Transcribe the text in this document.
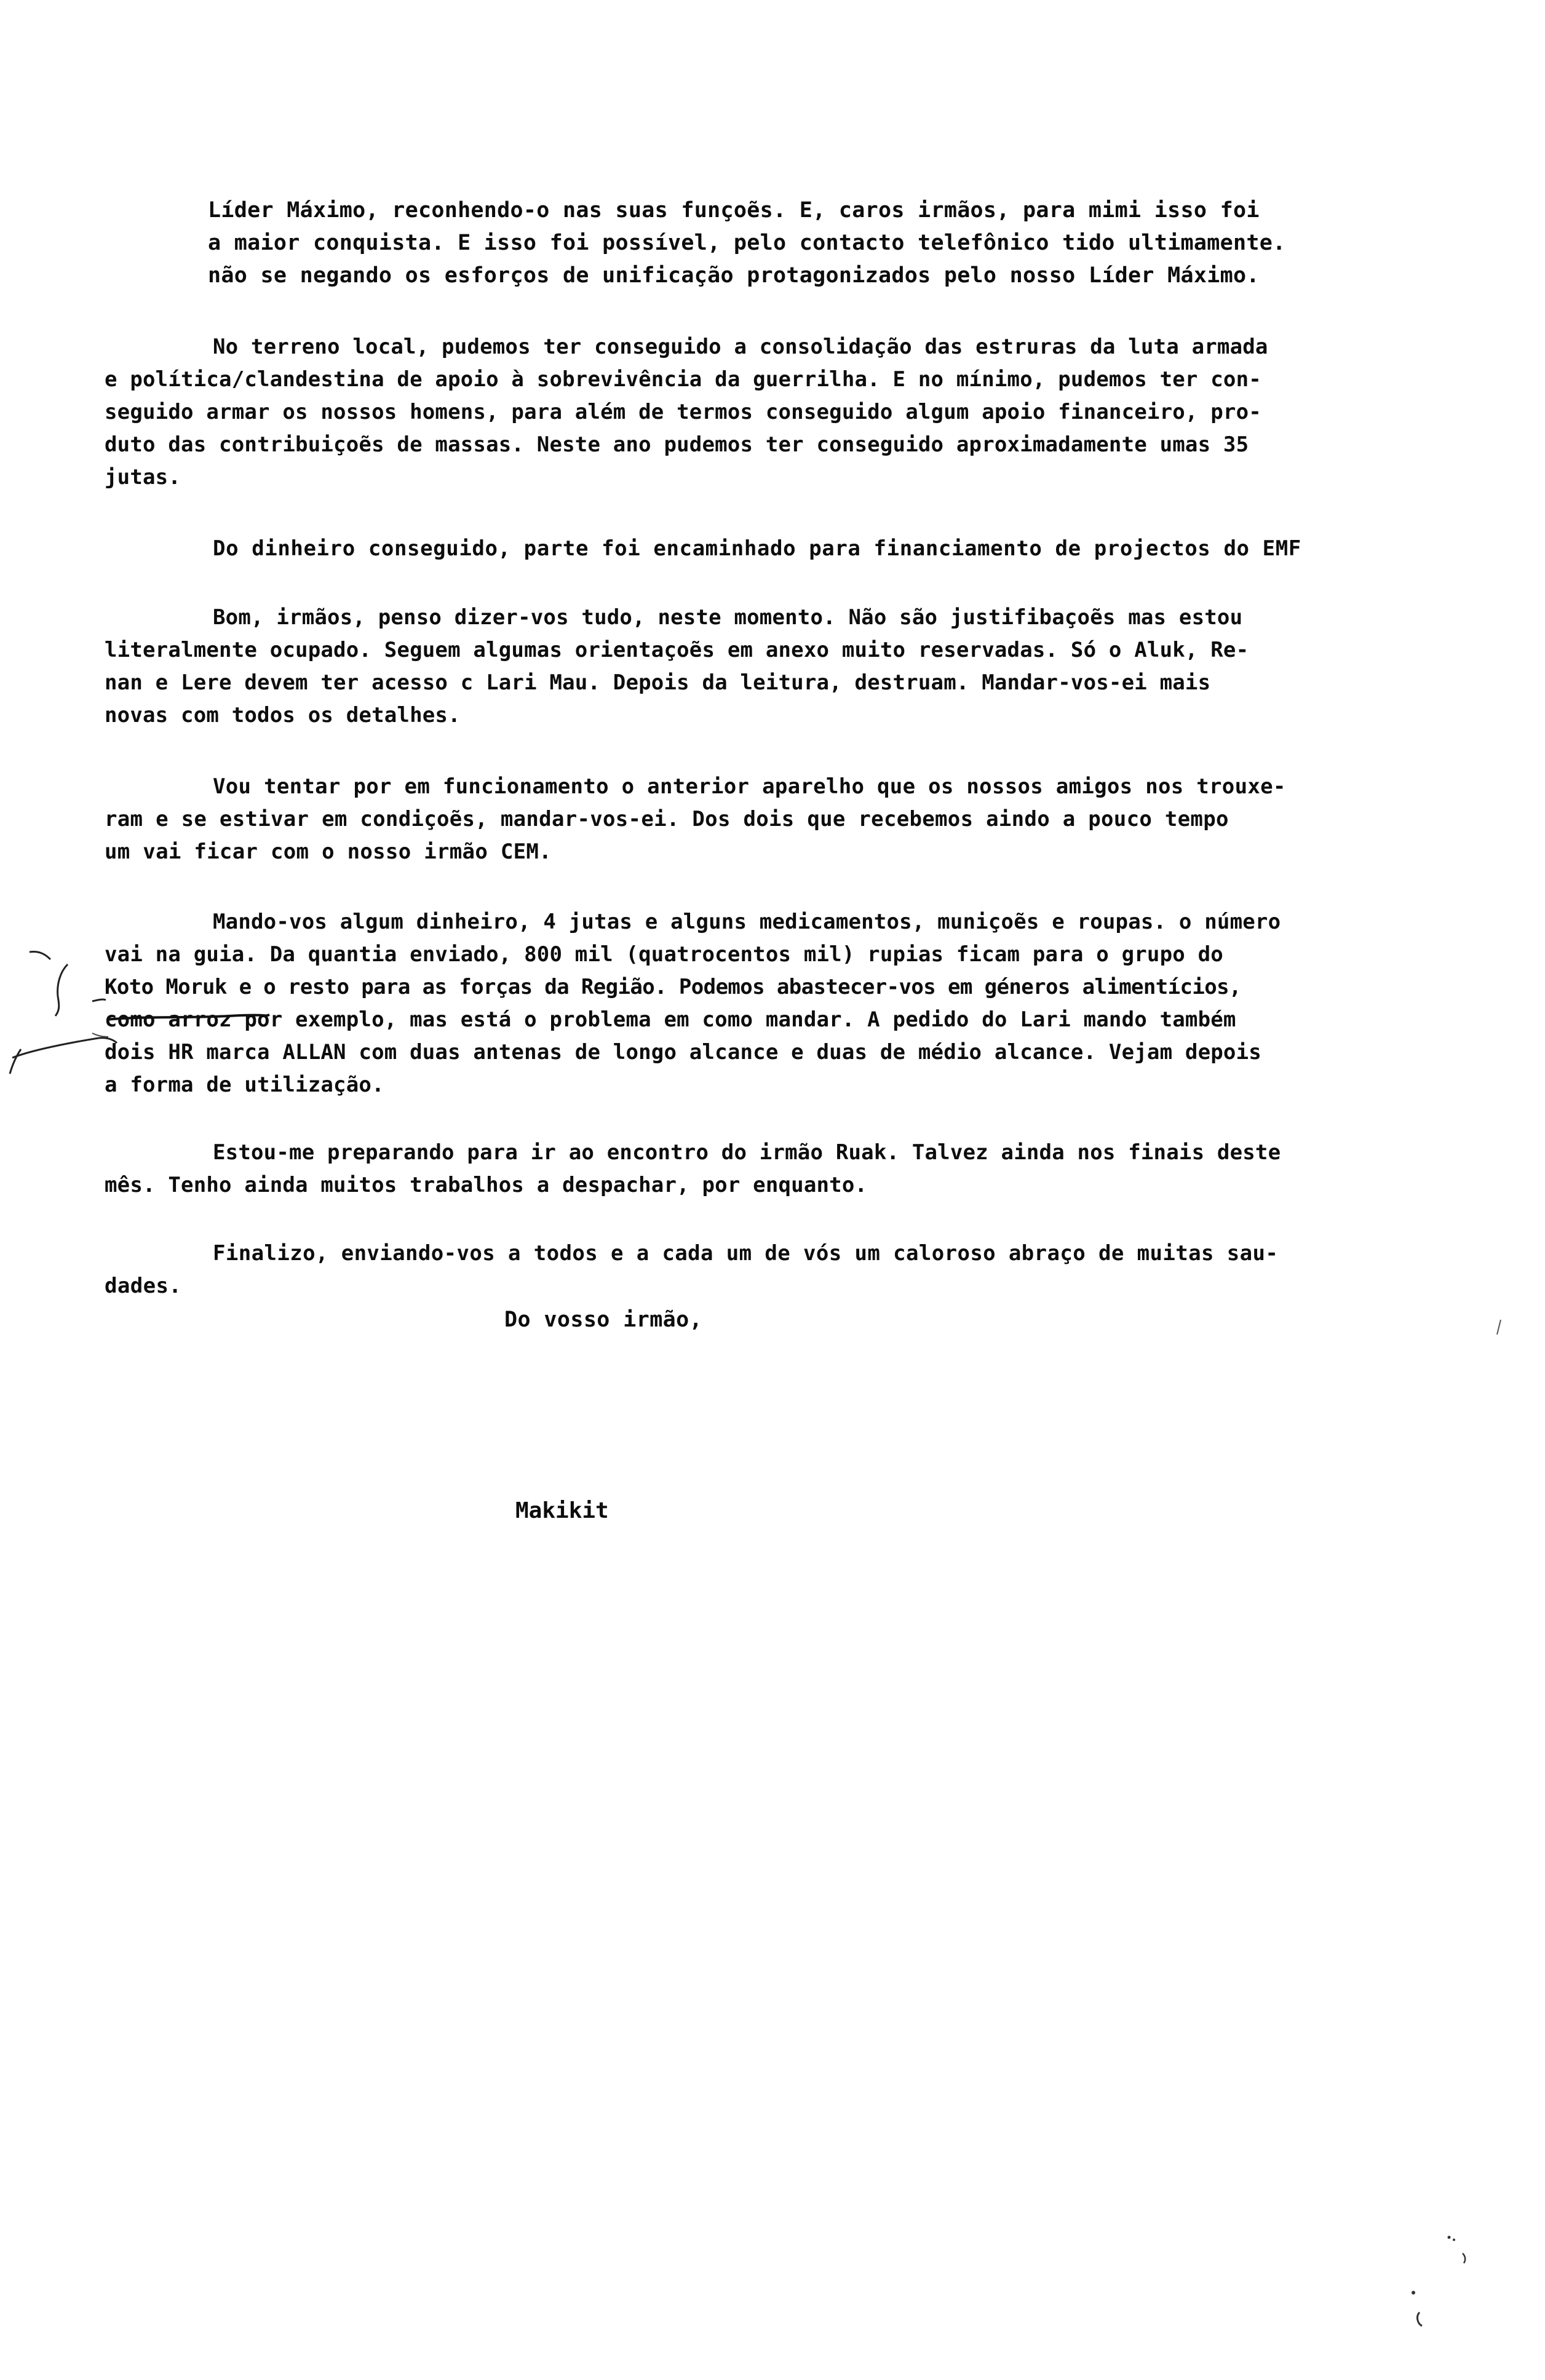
Líder Máximo, reconhendo-o nas suas funçoẽs. E, caros irmãos, para mimi isso foi
a maior conquista. E isso foi possível, pelo contacto telefônico tido ultimamente.
não se negando os esforços de unificação protagonizados pelo nosso Líder Máximo.
No terreno local, pudemos ter conseguido a consolidação das estruras da luta armada
e política/clandestina de apoio à sobrevivência da guerrilha. E no mínimo, pudemos ter con-
seguido armar os nossos homens, para além de termos conseguido algum apoio financeiro, pro-
duto das contribuiçoẽs de massas. Neste ano pudemos ter conseguido aproximadamente umas 35
jutas.
Do dinheiro conseguido, parte foi encaminhado para financiamento de projectos do EMF
Bom, irmãos, penso dizer-vos tudo, neste momento. Não são justifibaçoẽs mas estou
literalmente ocupado. Seguem algumas orientaçoẽs em anexo muito reservadas. Só o Aluk, Re-
nan e Lere devem ter acesso c Lari Mau. Depois da leitura, destruam. Mandar-vos-ei mais
novas com todos os detalhes.
Vou tentar por em funcionamento o anterior aparelho que os nossos amigos nos trouxe-
ram e se estivar em condiçoẽs, mandar-vos-ei. Dos dois que recebemos aindo a pouco tempo
um vai ficar com o nosso irmão CEM.
Mando-vos algum dinheiro, 4 jutas e alguns medicamentos, muniçoẽs e roupas. o número
vai na guia. Da quantia enviado, 800 mil (quatrocentos mil) rupias ficam para o grupo do
Koto Moruk e o resto para as forças da Região. Podemos abastecer-vos em géneros alimentícios,
como arroz por exemplo, mas está o problema em como mandar. A pedido do Lari mando também
dois HR marca ALLAN com duas antenas de longo alcance e duas de médio alcance. Vejam depois
a forma de utilização.
Estou-me preparando para ir ao encontro do irmão Ruak. Talvez ainda nos finais deste
mês. Tenho ainda muitos trabalhos a despachar, por enquanto.
Finalizo, enviando-vos a todos e a cada um de vós um caloroso abraço de muitas sau-
dades.
Do vosso irmão,
Makikit
